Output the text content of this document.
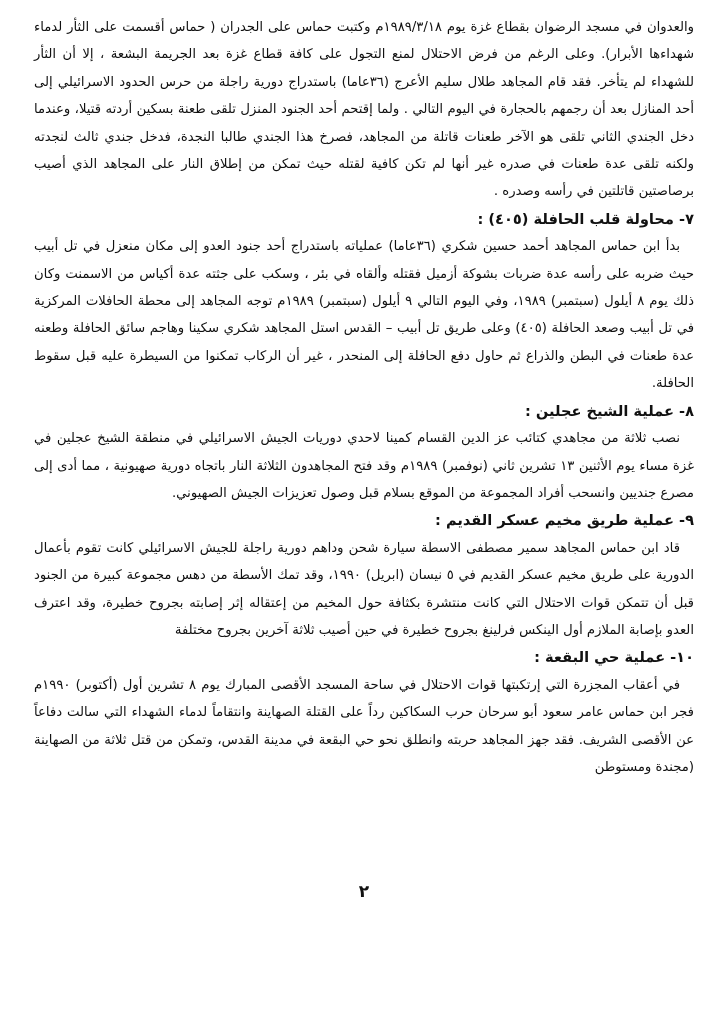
والعدوان في مسجد الرضوان بقطاع غزة يوم ١٩٨٩/٣/١٨م وكتبت حماس على الجدران ( حماس أقسمت على الثأر لدماء شهداءها الأبرار). وعلى الرغم من فرض الاحتلال لمنع التجول على كافة قطاع غزة بعد الجريمة البشعة ، إلا أن الثأر للشهداء لم يتأخر. فقد قام المجاهد طلال سليم الأعرج (٣٦عاما) باستدراج دورية راجلة من حرس الحدود الاسرائيلي إلى أحد المنازل بعد أن رجمهم بالحجارة في اليوم التالي . ولما إقتحم أحد الجنود المنزل تلقى طعنة بسكين أردته قتيلا، وعندما دخل الجندي الثاني تلقى هو الآخر طعنات قاتلة من المجاهد، فصرخ هذا الجندي طالبا النجدة، فدخل جندي ثالث لنجدته ولكنه تلقى عدة طعنات في صدره غير أنها لم تكن كافية لقتله حيث تمكن من إطلاق النار على المجاهد الذي أصيب برصاصتين قاتلتين في رأسه وصدره .

٧- محاولة قلب الحافلة (٤٠٥) :

بدأ ابن حماس المجاهد أحمد حسين شكري (٣٦عاما) عملياته باستدراج أحد جنود العدو إلى مكان منعزل في تل أبيب حيث ضربه على رأسه عدة ضربات بشوكة أزميل فقتله وألقاه في بئر ، وسكب على جثته عدة أكياس من الاسمنت وكان ذلك يوم ٨ أيلول (سبتمبر) ١٩٨٩، وفي اليوم التالي ٩ أيلول (سبتمبر) ١٩٨٩م توجه المجاهد إلى محطة الحافلات المركزية في تل أبيب وصعد الحافلة (٤٠٥) وعلى طريق تل أبيب – القدس استل المجاهد شكري سكينا وهاجم سائق الحافلة وطعنه عدة طعنات في البطن والذراع ثم حاول دفع الحافلة إلى المنحدر ، غير أن الركاب تمكنوا من السيطرة عليه قبل سقوط الحافلة.

٨- عملية الشيخ عجلين :

نصب ثلاثة من مجاهدي كتائب عز الدين القسام كمينا لاحدي دوريات الجيش الاسرائيلي في منطقة الشيخ عجلين في غزة مساء يوم الأثنين ١٣ تشرين ثاني (نوفمبر) ١٩٨٩م وقد فتح المجاهدون الثلاثة النار باتجاه دورية صهيونية ، مما أدى إلى مصرع جنديين وانسحب أفراد المجموعة من الموقع بسلام قبل وصول تعزيزات الجيش الصهيوني.

٩- عملية طريق مخيم عسكر القديم :

قاد ابن حماس المجاهد سمير مصطفى الاسطة سيارة شحن وداهم دورية راجلة للجيش الاسرائيلي كانت تقوم بأعمال الدورية على طريق مخيم عسكر القديم في ٥ نيسان (ابريل) ١٩٩٠، وقد تمك الأسطة من دهس مجموعة كبيرة من الجنود قبل أن تتمكن قوات الاحتلال التي كانت منتشرة بكثافة حول المخيم من إعتقاله إثر إصابته بجروح خطيرة، وقد اعترف العدو بإصابة الملازم أول الينكس فرلينغ بجروح خطيرة في حين أصيب ثلاثة آخرين بجروح مختلفة

١٠- عملية حي البقعة :

في أعقاب المجزرة التي إرتكبتها قوات الاحتلال في ساحة المسجد الأقصى المبارك يوم ٨ تشرين أول (أكتوبر) ١٩٩٠م فجر ابن حماس عامر سعود أبو سرحان حرب السكاكين رداً على القتلة الصهاينة وانتقاماً لدماء الشهداء التي سالت دفاعاً عن الأقصى الشريف. فقد جهز المجاهد حربته وانطلق نحو حي البقعة في مدينة القدس، وتمكن من قتل ثلاثة من الصهاينة (مجندة ومستوطن

٢
